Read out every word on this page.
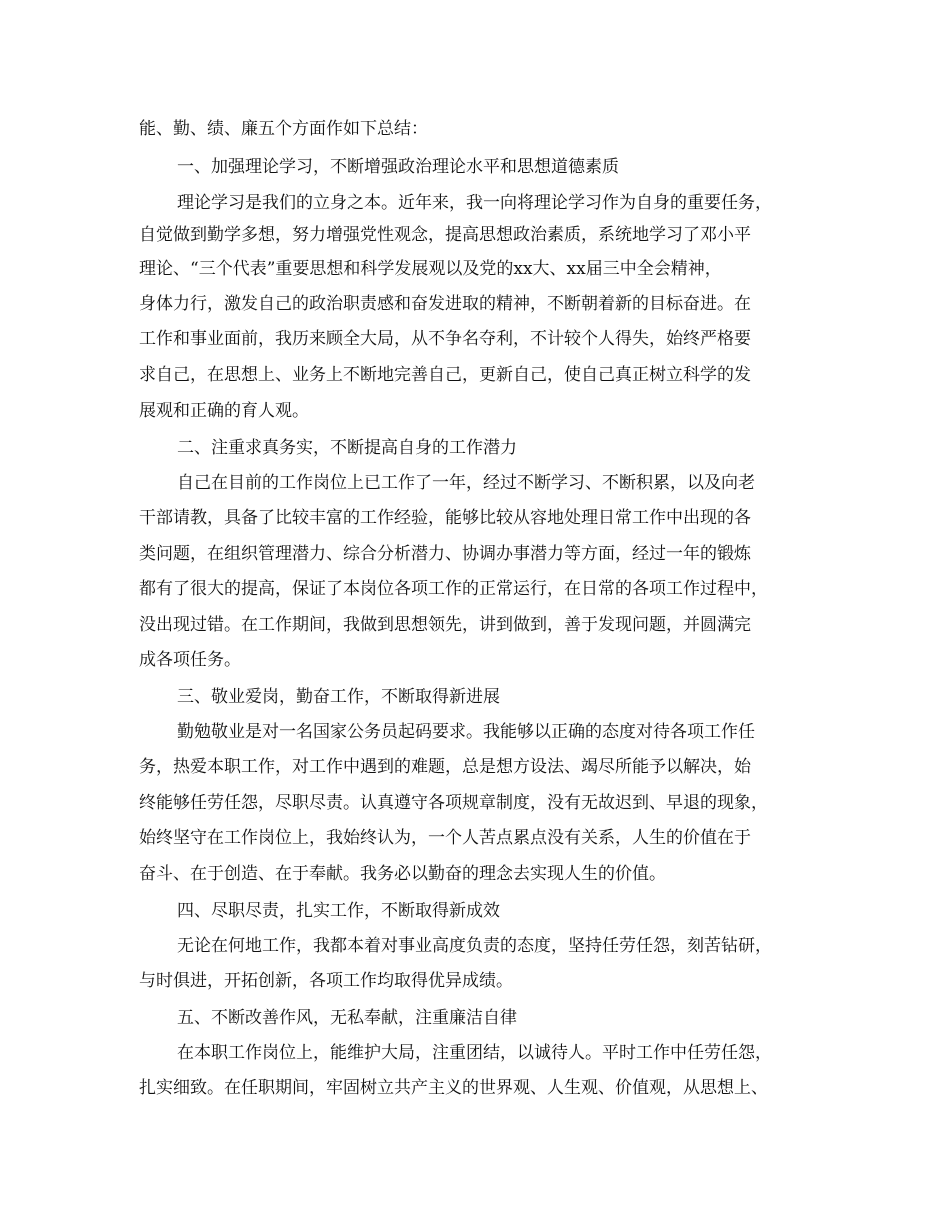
能、勤、绩、廉五个方面作如下总结：
一、加强理论学习，不断增强政治理论水平和思想道德素质
理论学习是我们的立身之本。近年来，我一向将理论学习作为自身的重要任务，
自觉做到勤学多想，努力增强党性观念，提高思想政治素质，系统地学习了邓小平
理论、“三个代表”重要思想和科学发展观以及党的xx大、xx届三中全会精神，
身体力行，激发自己的政治职责感和奋发进取的精神，不断朝着新的目标奋进。在
工作和事业面前，我历来顾全大局，从不争名夺利，不计较个人得失，始终严格要
求自己，在思想上、业务上不断地完善自己，更新自己，使自己真正树立科学的发
展观和正确的育人观。
二、注重求真务实，不断提高自身的工作潜力
自己在目前的工作岗位上已工作了一年，经过不断学习、不断积累，以及向老
干部请教，具备了比较丰富的工作经验，能够比较从容地处理日常工作中出现的各
类问题，在组织管理潜力、综合分析潜力、协调办事潜力等方面，经过一年的锻炼
都有了很大的提高，保证了本岗位各项工作的正常运行，在日常的各项工作过程中，
没出现过错。在工作期间，我做到思想领先，讲到做到，善于发现问题，并圆满完
成各项任务。
三、敬业爱岗，勤奋工作，不断取得新进展
勤勉敬业是对一名国家公务员起码要求。我能够以正确的态度对待各项工作任
务，热爱本职工作，对工作中遇到的难题，总是想方设法、竭尽所能予以解决，始
终能够任劳任怨，尽职尽责。认真遵守各项规章制度，没有无故迟到、早退的现象，
始终坚守在工作岗位上，我始终认为，一个人苦点累点没有关系，人生的价值在于
奋斗、在于创造、在于奉献。我务必以勤奋的理念去实现人生的价值。
四、尽职尽责，扎实工作，不断取得新成效
无论在何地工作，我都本着对事业高度负责的态度，坚持任劳任怨，刻苦钻研，
与时俱进，开拓创新，各项工作均取得优异成绩。
五、不断改善作风，无私奉献，注重廉洁自律
在本职工作岗位上，能维护大局，注重团结，以诚待人。平时工作中任劳任怨，
扎实细致。在任职期间，牢固树立共产主义的世界观、人生观、价值观，从思想上、
